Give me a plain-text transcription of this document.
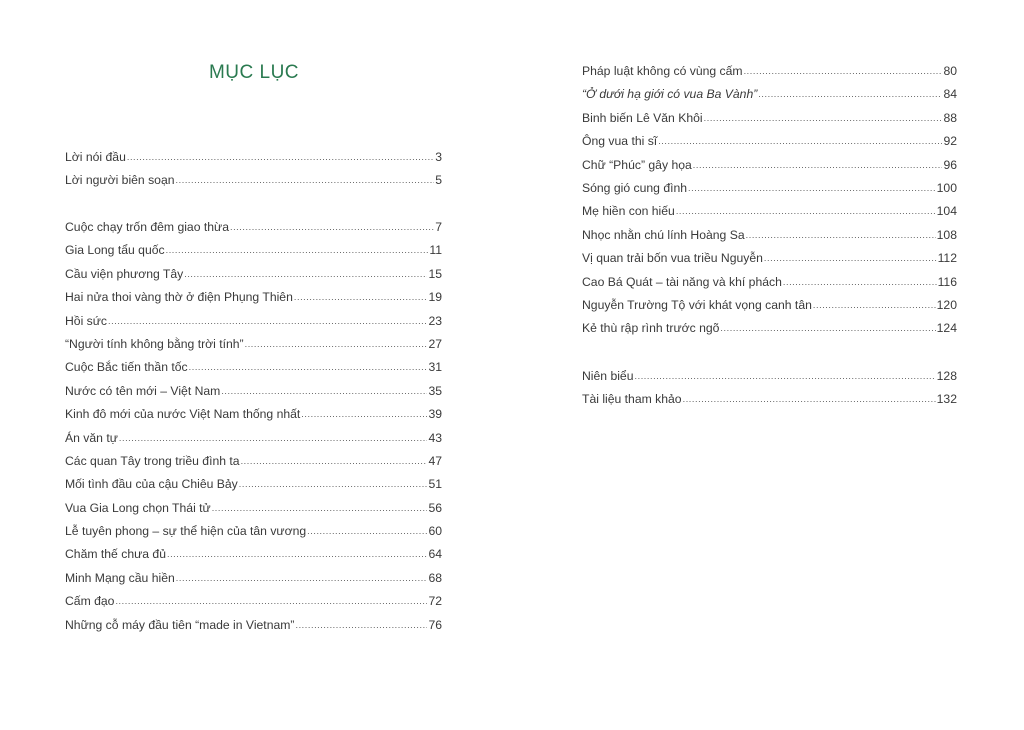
MỤC LỤC
Lời nói đầu .....	3
Lời người biên soạn .....	5
Cuộc chạy trốn đêm giao thừa .....	7
Gia Long tẩu quốc .....	11
Cầu viện phương Tây .....	15
Hai nửa thoi vàng thờ ở điện Phụng Thiên .....	19
Hồi sức .....	23
“Người tính không bằng trời tính” .....	27
Cuộc Bắc tiến thần tốc .....	31
Nước có tên mới – Việt Nam .....	35
Kinh đô mới của nước Việt Nam thống nhất .....	39
Án văn tự .....	43
Các quan Tây trong triều đình ta .....	47
Mối tình đầu của cậu Chiêu Bảy .....	51
Vua Gia Long chọn Thái tử .....	56
Lễ tuyên phong – sự thể hiện của tân vương .....	60
Chăm thế chưa đủ .....	64
Minh Mạng cầu hiền .....	68
Cấm đạo .....	72
Những cỗ máy đầu tiên “made in Vietnam” .....	76
Pháp luật không có vùng cấm .....	80
“Ở dưới hạ giới có vua Ba Vành” .....	84
Binh biến Lê Văn Khôi .....	88
Ông vua thi sĩ .....	92
Chữ “Phúc” gây họa .....	96
Sóng gió cung đình .....	100
Mẹ hiền con hiếu .....	104
Nhọc nhằn chú lính Hoàng Sa .....	108
Vị quan trải bốn vua triều Nguyễn .....	112
Cao Bá Quát – tài năng và khí phách .....	116
Nguyễn Trường Tộ với khát vọng canh tân .....	120
Kẻ thù rập rình trước ngõ .....	124
Niên biểu .....	128
Tài liệu tham khảo .....	132
